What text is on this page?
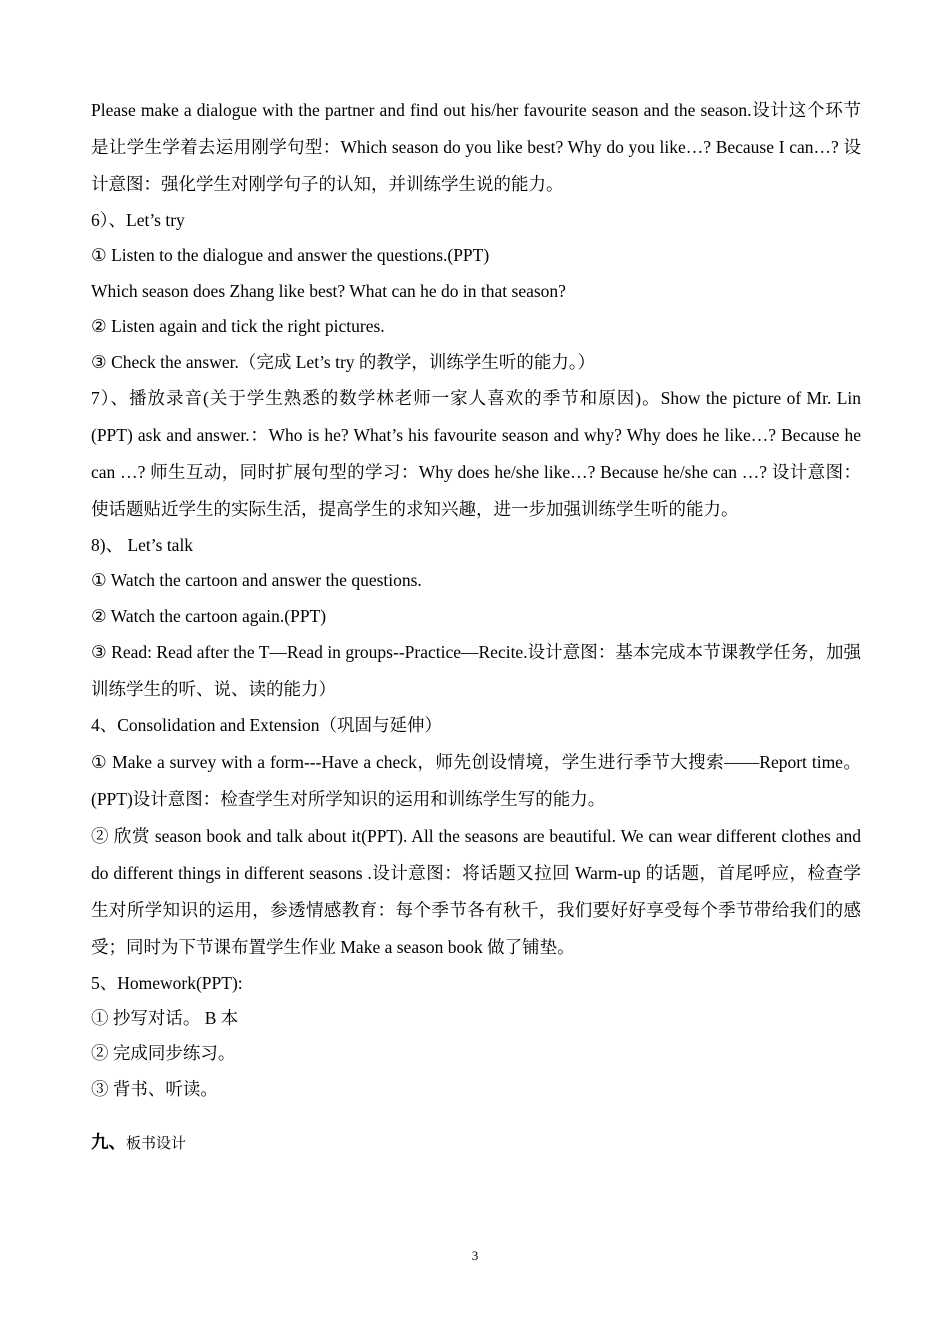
Please make a dialogue with the partner and find out his/her favourite season and the season.设计这个环节是让学生学着去运用刚学句型：Which season do you like best? Why do you like…? Because I can…? 设计意图：强化学生对刚学句子的认知，并训练学生说的能力。

6）、Let’s try

① Listen to the dialogue and answer the questions.(PPT)

Which season does Zhang like best? What can he do in that season?

② Listen again and tick the right pictures.

③ Check the answer.（完成 Let’s try 的教学，训练学生听的能力。）

7）、播放录音(关于学生熟悉的数学林老师一家人喜欢的季节和原因)。Show the picture of Mr. Lin (PPT) ask and answer.：Who is he? What’s his favourite season and why? Why does he like…? Because he can …? 师生互动，同时扩展句型的学习：Why does he/she like…? Because he/she can …? 设计意图：使话题贴近学生的实际生活，提高学生的求知兴趣，进一步加强训练学生听的能力。

8)、 Let’s talk

① Watch the cartoon and answer the questions.

② Watch the cartoon again.(PPT)

③ Read: Read after the T—Read in groups--Practice—Recite.设计意图：基本完成本节课教学任务，加强训练学生的听、说、读的能力）

4、Consolidation and Extension（巩固与延伸）

① Make a survey with a form---Have a check，师先创设情境，学生进行季节大搜索——Report time。(PPT)设计意图：检查学生对所学知识的运用和训练学生写的能力。

② 欣赏 season book and talk about it(PPT). All the seasons are beautiful. We can wear different clothes and do different things in different seasons .设计意图：将话题又拉回 Warm-up 的话题，首尾呼应，检查学生对所学知识的运用，参透情感教育：每个季节各有秋千，我们要好好享受每个季节带给我们的感受；同时为下节课布置学生作业 Make a season book 做了铺垫。

5、Homework(PPT):

① 抄写对话。 B 本

② 完成同步练习。

③ 背书、听读。

九、板书设计

3
